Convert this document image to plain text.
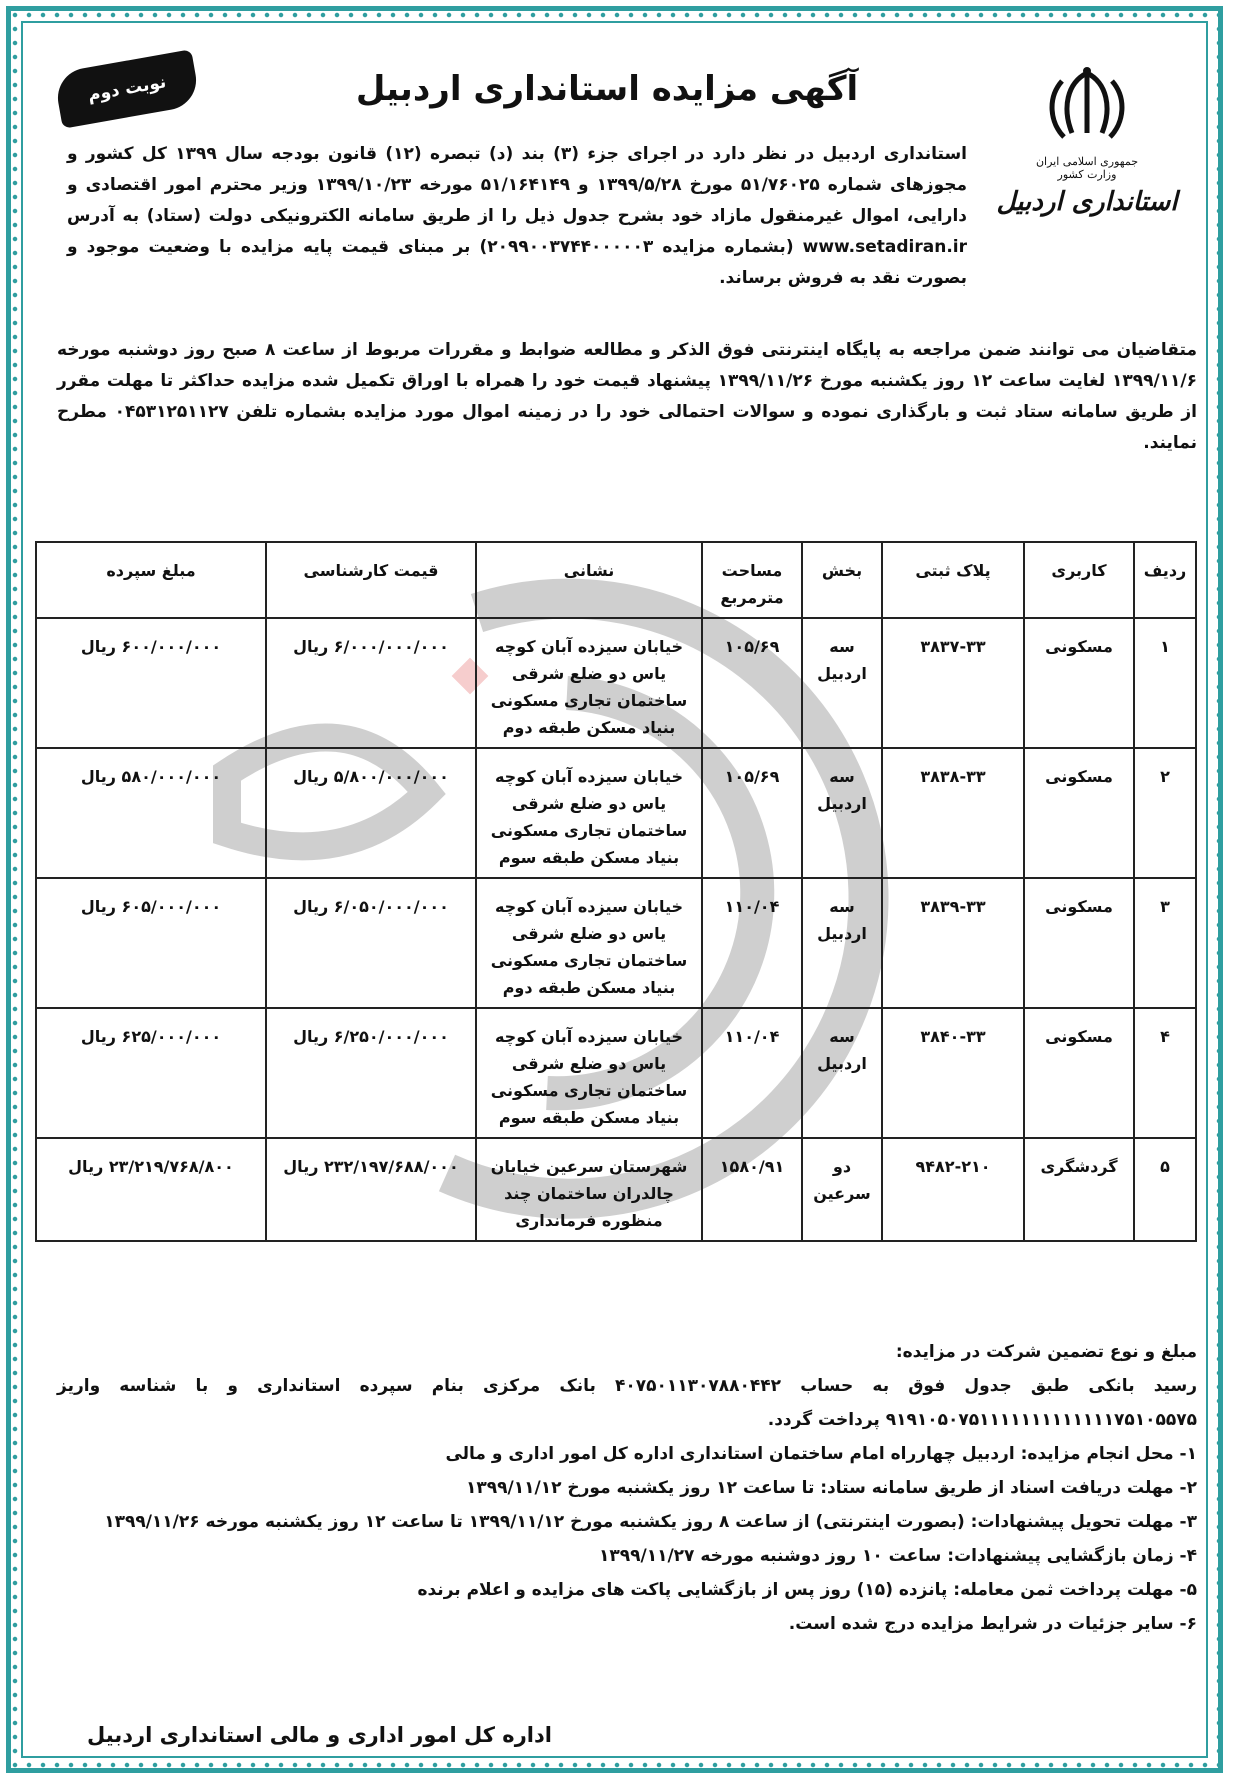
جمهوری اسلامی ایران
وزارت کشور
استانداری اردبیل
آگهی مزایده استانداری اردبیل
نوبت دوم
استانداری اردبیل در نظر دارد در اجرای جزء (۳) بند (د) تبصره (۱۲) قانون بودجه سال ۱۳۹۹ کل کشور و مجوزهای شماره ۵۱/۷۶۰۲۵ مورخ ۱۳۹۹/۵/۲۸ و ۵۱/۱۶۴۱۴۹ مورخه ۱۳۹۹/۱۰/۲۳ وزیر محترم امور اقتصادی و دارایی، اموال غیرمنقول مازاد خود بشرح جدول ذیل را از طریق سامانه الکترونیکی دولت (ستاد) به آدرس www.setadiran.ir (بشماره مزایده ۲۰۹۹۰۰۳۷۴۴۰۰۰۰۰۳) بر مبنای قیمت پایه مزایده با وضعیت موجود و بصورت نقد به فروش برساند.
متقاضیان می توانند ضمن مراجعه به پایگاه اینترنتی فوق الذکر و مطالعه ضوابط و مقررات مربوط از ساعت ۸ صبح روز دوشنبه مورخه ۱۳۹۹/۱۱/۶ لغایت ساعت ۱۲ روز یکشنبه مورخ ۱۳۹۹/۱۱/۲۶ پیشنهاد قیمت خود را همراه با اوراق تکمیل شده مزایده حداکثر تا مهلت مقرر از طریق سامانه ستاد ثبت و بارگذاری نموده و سوالات احتمالی خود را در زمینه اموال مورد مزایده بشماره تلفن ۰۴۵۳۱۲۵۱۱۲۷ مطرح نمایند.
ردیف	کاربری	پلاک ثبتی	بخش	مساحت مترمربع	نشانی	قیمت کارشناسی	مبلغ سپرده
۱	مسکونی	۳۸۳۷-۳۳	سه اردبیل	۱۰۵/۶۹	خیابان سیزده آبان کوچه یاس دو ضلع شرقی ساختمان تجاری مسکونی بنیاد مسکن طبقه دوم	۶/۰۰۰/۰۰۰/۰۰۰ ریال	۶۰۰/۰۰۰/۰۰۰ ریال
۲	مسکونی	۳۸۳۸-۳۳	سه اردبیل	۱۰۵/۶۹	خیابان سیزده آبان کوچه یاس دو ضلع شرقی ساختمان تجاری مسکونی بنیاد مسکن طبقه سوم	۵/۸۰۰/۰۰۰/۰۰۰ ریال	۵۸۰/۰۰۰/۰۰۰ ریال
۳	مسکونی	۳۸۳۹-۳۳	سه اردبیل	۱۱۰/۰۴	خیابان سیزده آبان کوچه یاس دو ضلع شرقی ساختمان تجاری مسکونی بنیاد مسکن طبقه دوم	۶/۰۵۰/۰۰۰/۰۰۰ ریال	۶۰۵/۰۰۰/۰۰۰ ریال
۴	مسکونی	۳۸۴۰-۳۳	سه اردبیل	۱۱۰/۰۴	خیابان سیزده آبان کوچه یاس دو ضلع شرقی ساختمان تجاری مسکونی بنیاد مسکن طبقه سوم	۶/۲۵۰/۰۰۰/۰۰۰ ریال	۶۲۵/۰۰۰/۰۰۰ ریال
۵	گردشگری	۹۴۸۲-۲۱۰	دو سرعین	۱۵۸۰/۹۱	شهرستان سرعین خیابان چالدران ساختمان چند منظوره فرمانداری	۲۳۲/۱۹۷/۶۸۸/۰۰۰ ریال	۲۳/۲۱۹/۷۶۸/۸۰۰ ریال

مبلغ و نوع تضمین شرکت در مزایده:

رسید بانکی طبق جدول فوق به حساب ۴۰۷۵۰۱۱۳۰۷۸۸۰۴۴۲ بانک مرکزی بنام سپرده استانداری و با شناسه واریز ۹۱۹۱۰۵۰۷۵۱۱۱۱۱۱۱۱۱۱۱۱۱۷۵۱۰۵۵۷۵ پرداخت گردد.

۱- محل انجام مزایده: اردبیل چهارراه امام ساختمان استانداری اداره کل امور اداری و مالی

۲- مهلت دریافت اسناد از طریق سامانه ستاد: تا ساعت ۱۲ روز یکشنبه مورخ ۱۳۹۹/۱۱/۱۲

۳- مهلت تحویل پیشنهادات: (بصورت اینترنتی) از ساعت ۸ روز یکشنبه مورخ ۱۳۹۹/۱۱/۱۲ تا ساعت ۱۲ روز یکشنبه مورخه ۱۳۹۹/۱۱/۲۶

۴- زمان بازگشایی پیشنهادات: ساعت ۱۰ روز دوشنبه مورخه ۱۳۹۹/۱۱/۲۷

۵- مهلت پرداخت ثمن معامله: پانزده (۱۵) روز پس از بازگشایی پاکت های مزایده و اعلام برنده

۶- سایر جزئیات در شرایط مزایده درج شده است.

اداره کل امور اداری و مالی استانداری اردبیل
